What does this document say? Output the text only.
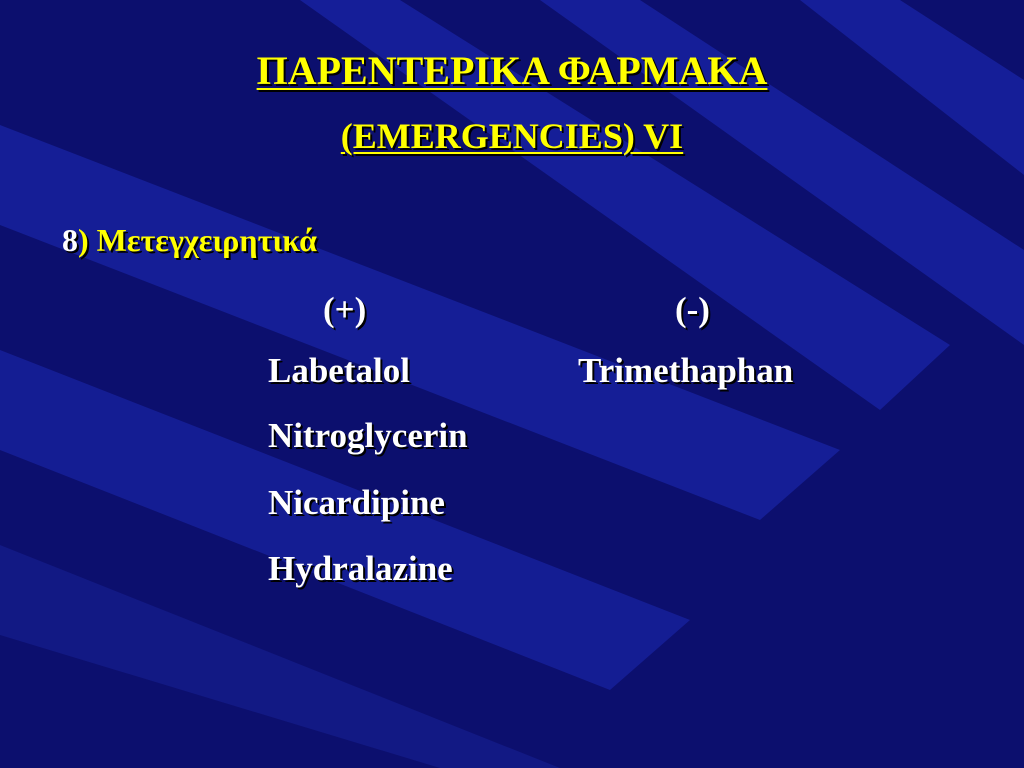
ΠΑΡΕΝΤΕΡΙΚΑ ΦΑΡΜΑΚΑ
(EMERGENCIES) VI

8) Μετεγχειρητικά

(+)	(-)

Labetalol

Nitroglycerin

Nicardipine

Hydralazine

Trimethaphan
